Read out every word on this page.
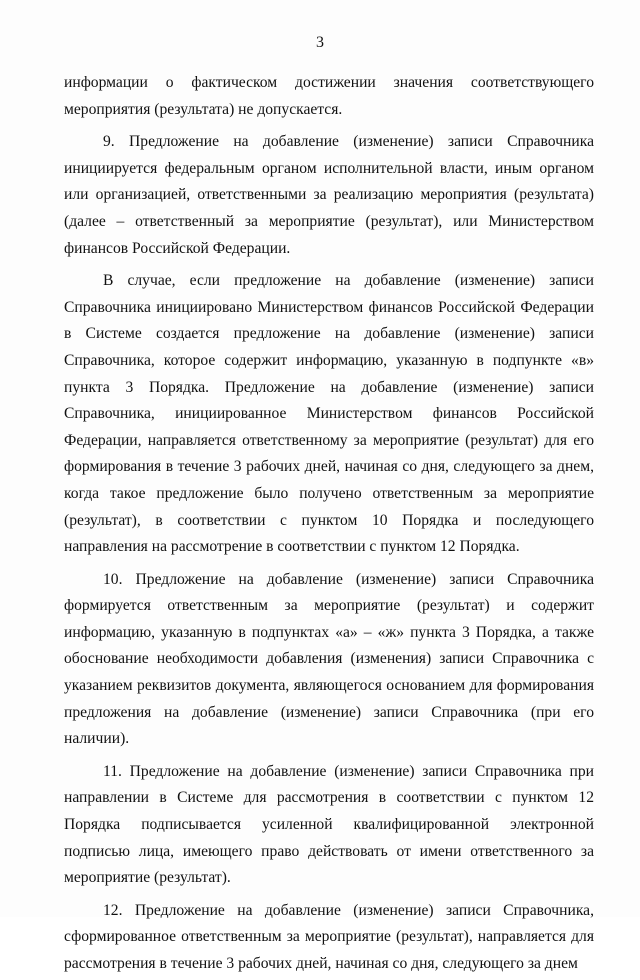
3

информации о фактическом достижении значения соответствующего мероприятия (результата) не допускается.

9. Предложение на добавление (изменение) записи Справочника инициируется федеральным органом исполнительной власти, иным органом или организацией, ответственными за реализацию мероприятия (результата) (далее – ответственный за мероприятие (результат), или Министерством финансов Российской Федерации.

В случае, если предложение на добавление (изменение) записи Справочника инициировано Министерством финансов Российской Федерации в Системе создается предложение на добавление (изменение) записи Справочника, которое содержит информацию, указанную в подпункте «в» пункта 3 Порядка. Предложение на добавление (изменение) записи Справочника, инициированное Министерством финансов Российской Федерации, направляется ответственному за мероприятие (результат) для его формирования в течение 3 рабочих дней, начиная со дня, следующего за днем, когда такое предложение было получено ответственным за мероприятие (результат), в соответствии с пунктом 10 Порядка и последующего направления на рассмотрение в соответствии с пунктом 12 Порядка.

10. Предложение на добавление (изменение) записи Справочника формируется ответственным за мероприятие (результат) и содержит информацию, указанную в подпунктах «а» – «ж» пункта 3 Порядка, а также обоснование необходимости добавления (изменения) записи Справочника с указанием реквизитов документа, являющегося основанием для формирования предложения на добавление (изменение) записи Справочника (при его наличии).

11. Предложение на добавление (изменение) записи Справочника при направлении в Системе для рассмотрения в соответствии с пунктом 12 Порядка подписывается усиленной квалифицированной электронной подписью лица, имеющего право действовать от имени ответственного за мероприятие (результат).

12. Предложение на добавление (изменение) записи Справочника, сформированное ответственным за мероприятие (результат), направляется для рассмотрения в течение 3 рабочих дней, начиная со дня, следующего за днем
